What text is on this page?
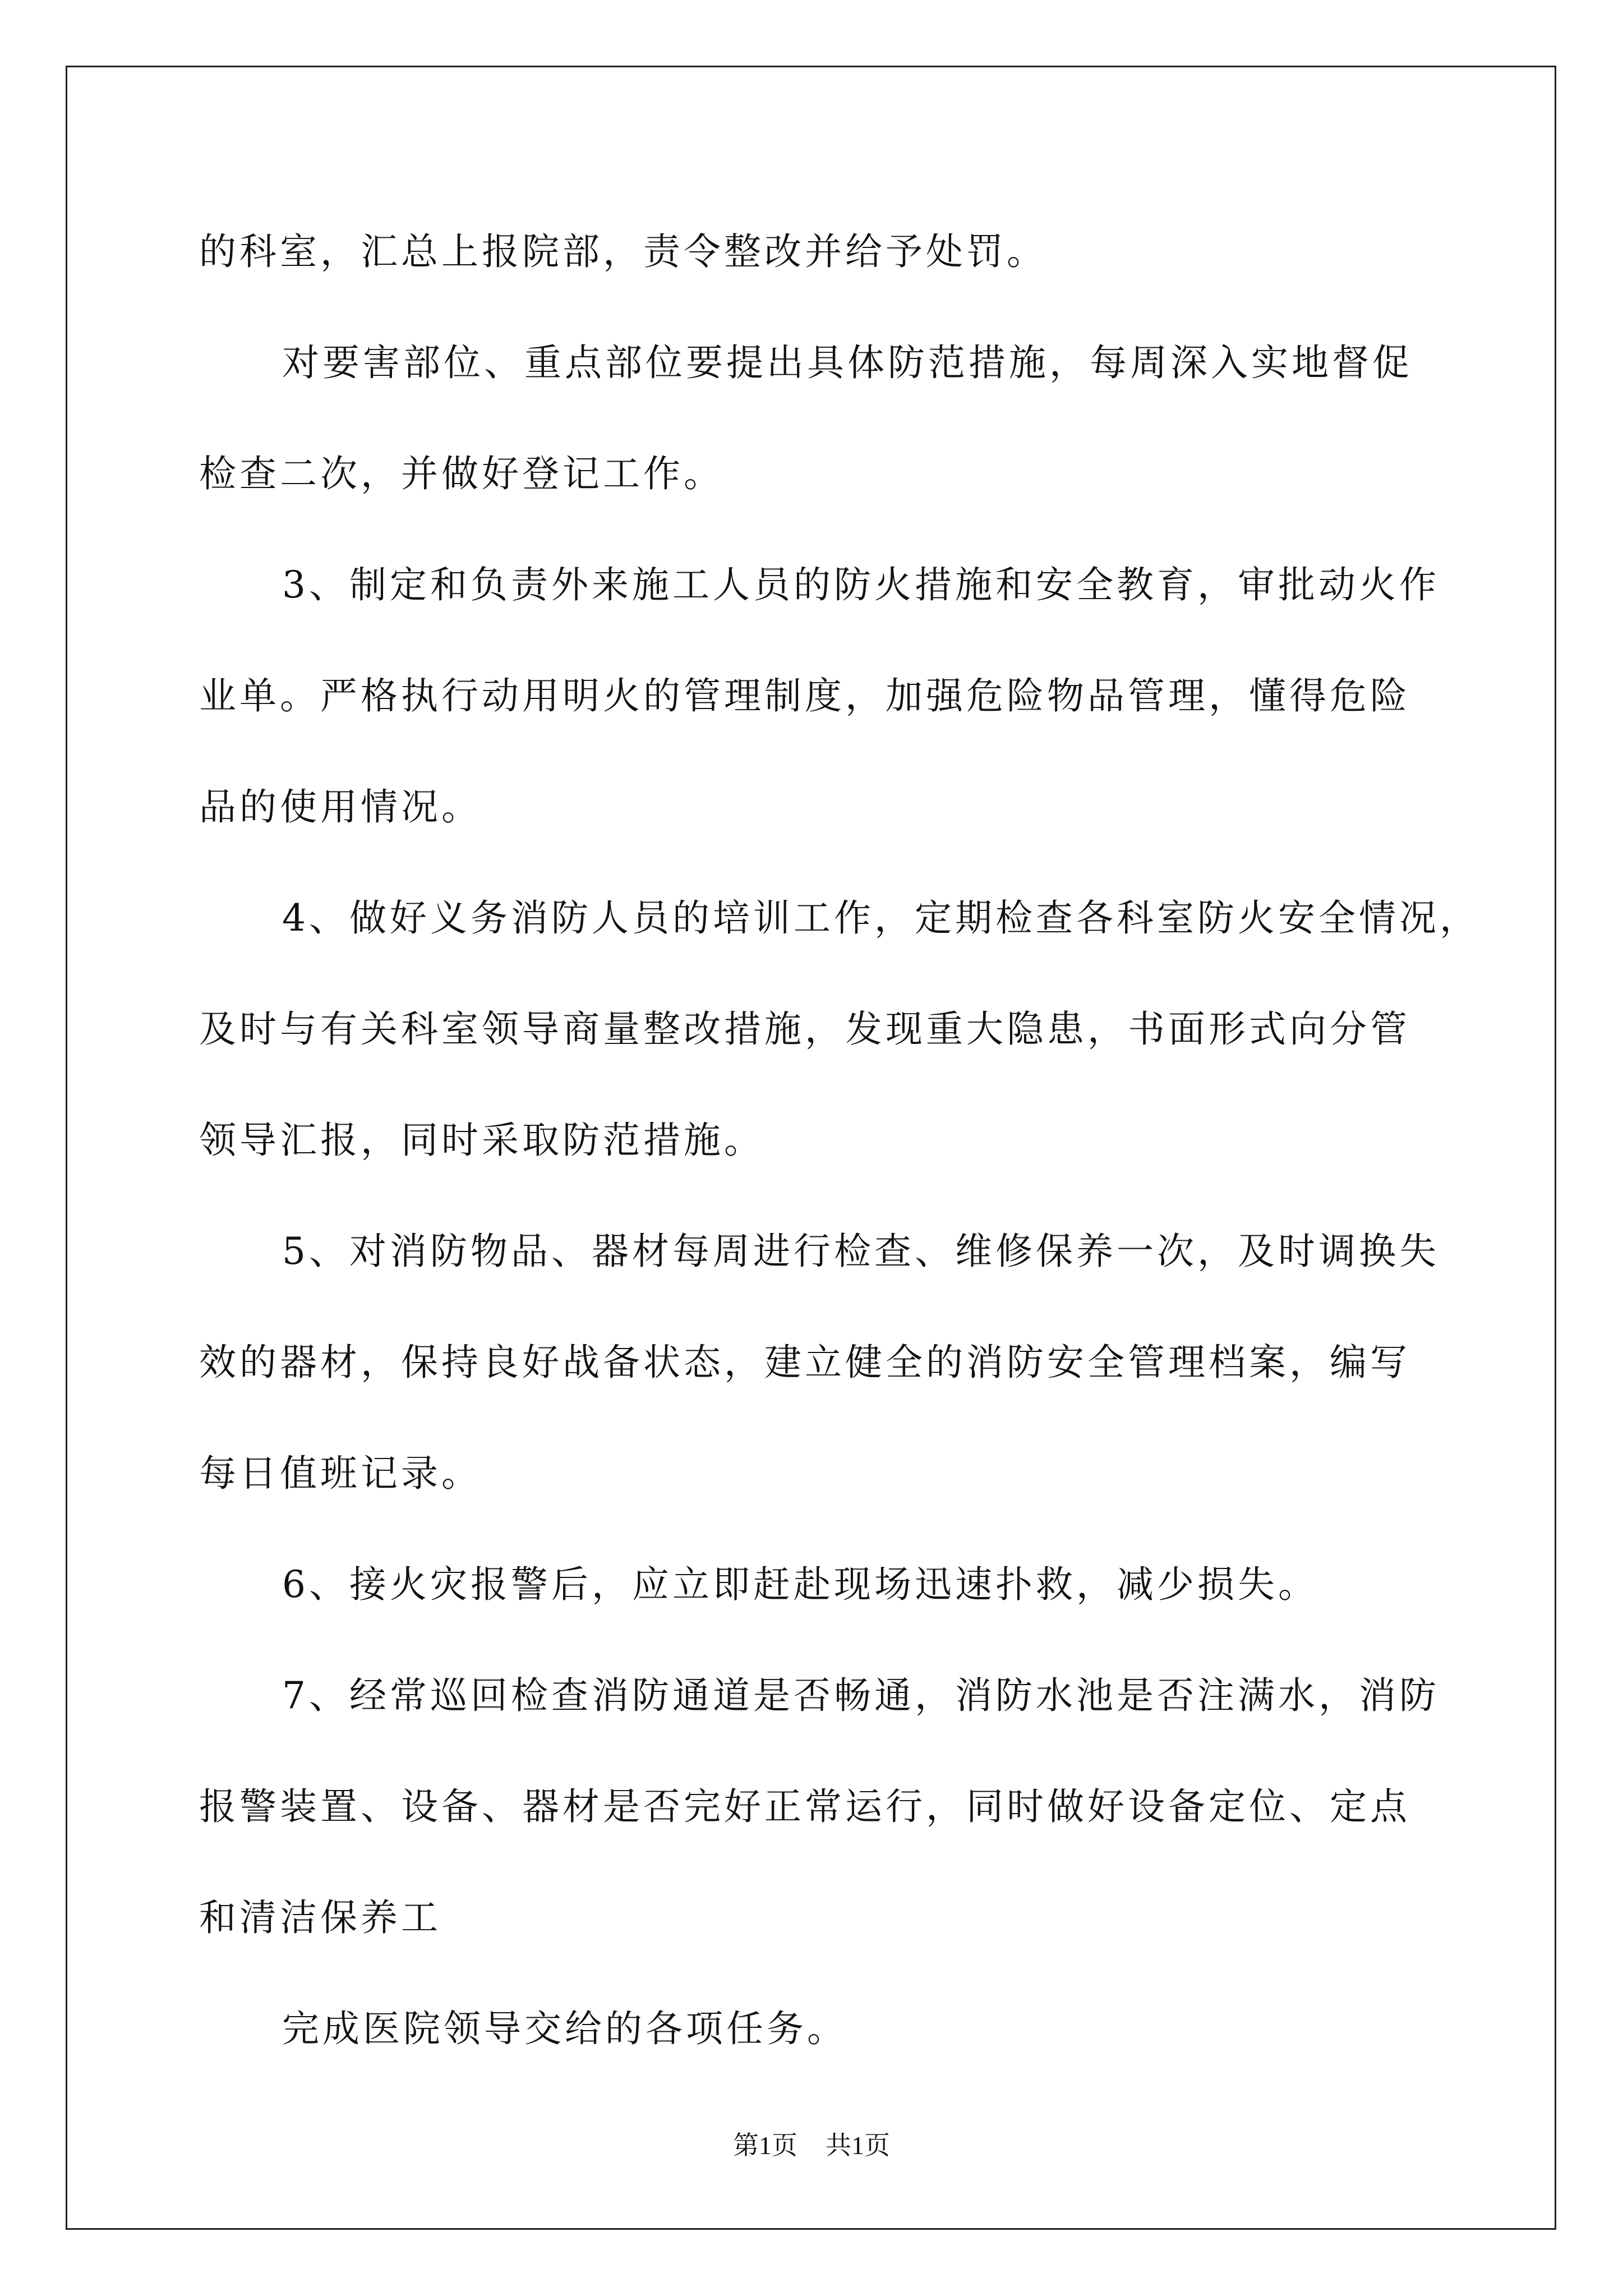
的科室，汇总上报院部，责令整改并给予处罚。

对要害部位、重点部位要提出具体防范措施，每周深入实地督促

检查二次，并做好登记工作。

3、制定和负责外来施工人员的防火措施和安全教育，审批动火作

业单。严格执行动用明火的管理制度，加强危险物品管理，懂得危险

品的使用情况。

4、做好义务消防人员的培训工作，定期检查各科室防火安全情况，

及时与有关科室领导商量整改措施，发现重大隐患，书面形式向分管

领导汇报，同时采取防范措施。

5、对消防物品、器材每周进行检查、维修保养一次，及时调换失

效的器材，保持良好战备状态，建立健全的消防安全管理档案，编写

每日值班记录。

6、接火灾报警后，应立即赶赴现场迅速扑救，减少损失。

7、经常巡回检查消防通道是否畅通，消防水池是否注满水，消防

报警装置、设备、器材是否完好正常运行，同时做好设备定位、定点

和清洁保养工

完成医院领导交给的各项任务。

第1页 共1页
